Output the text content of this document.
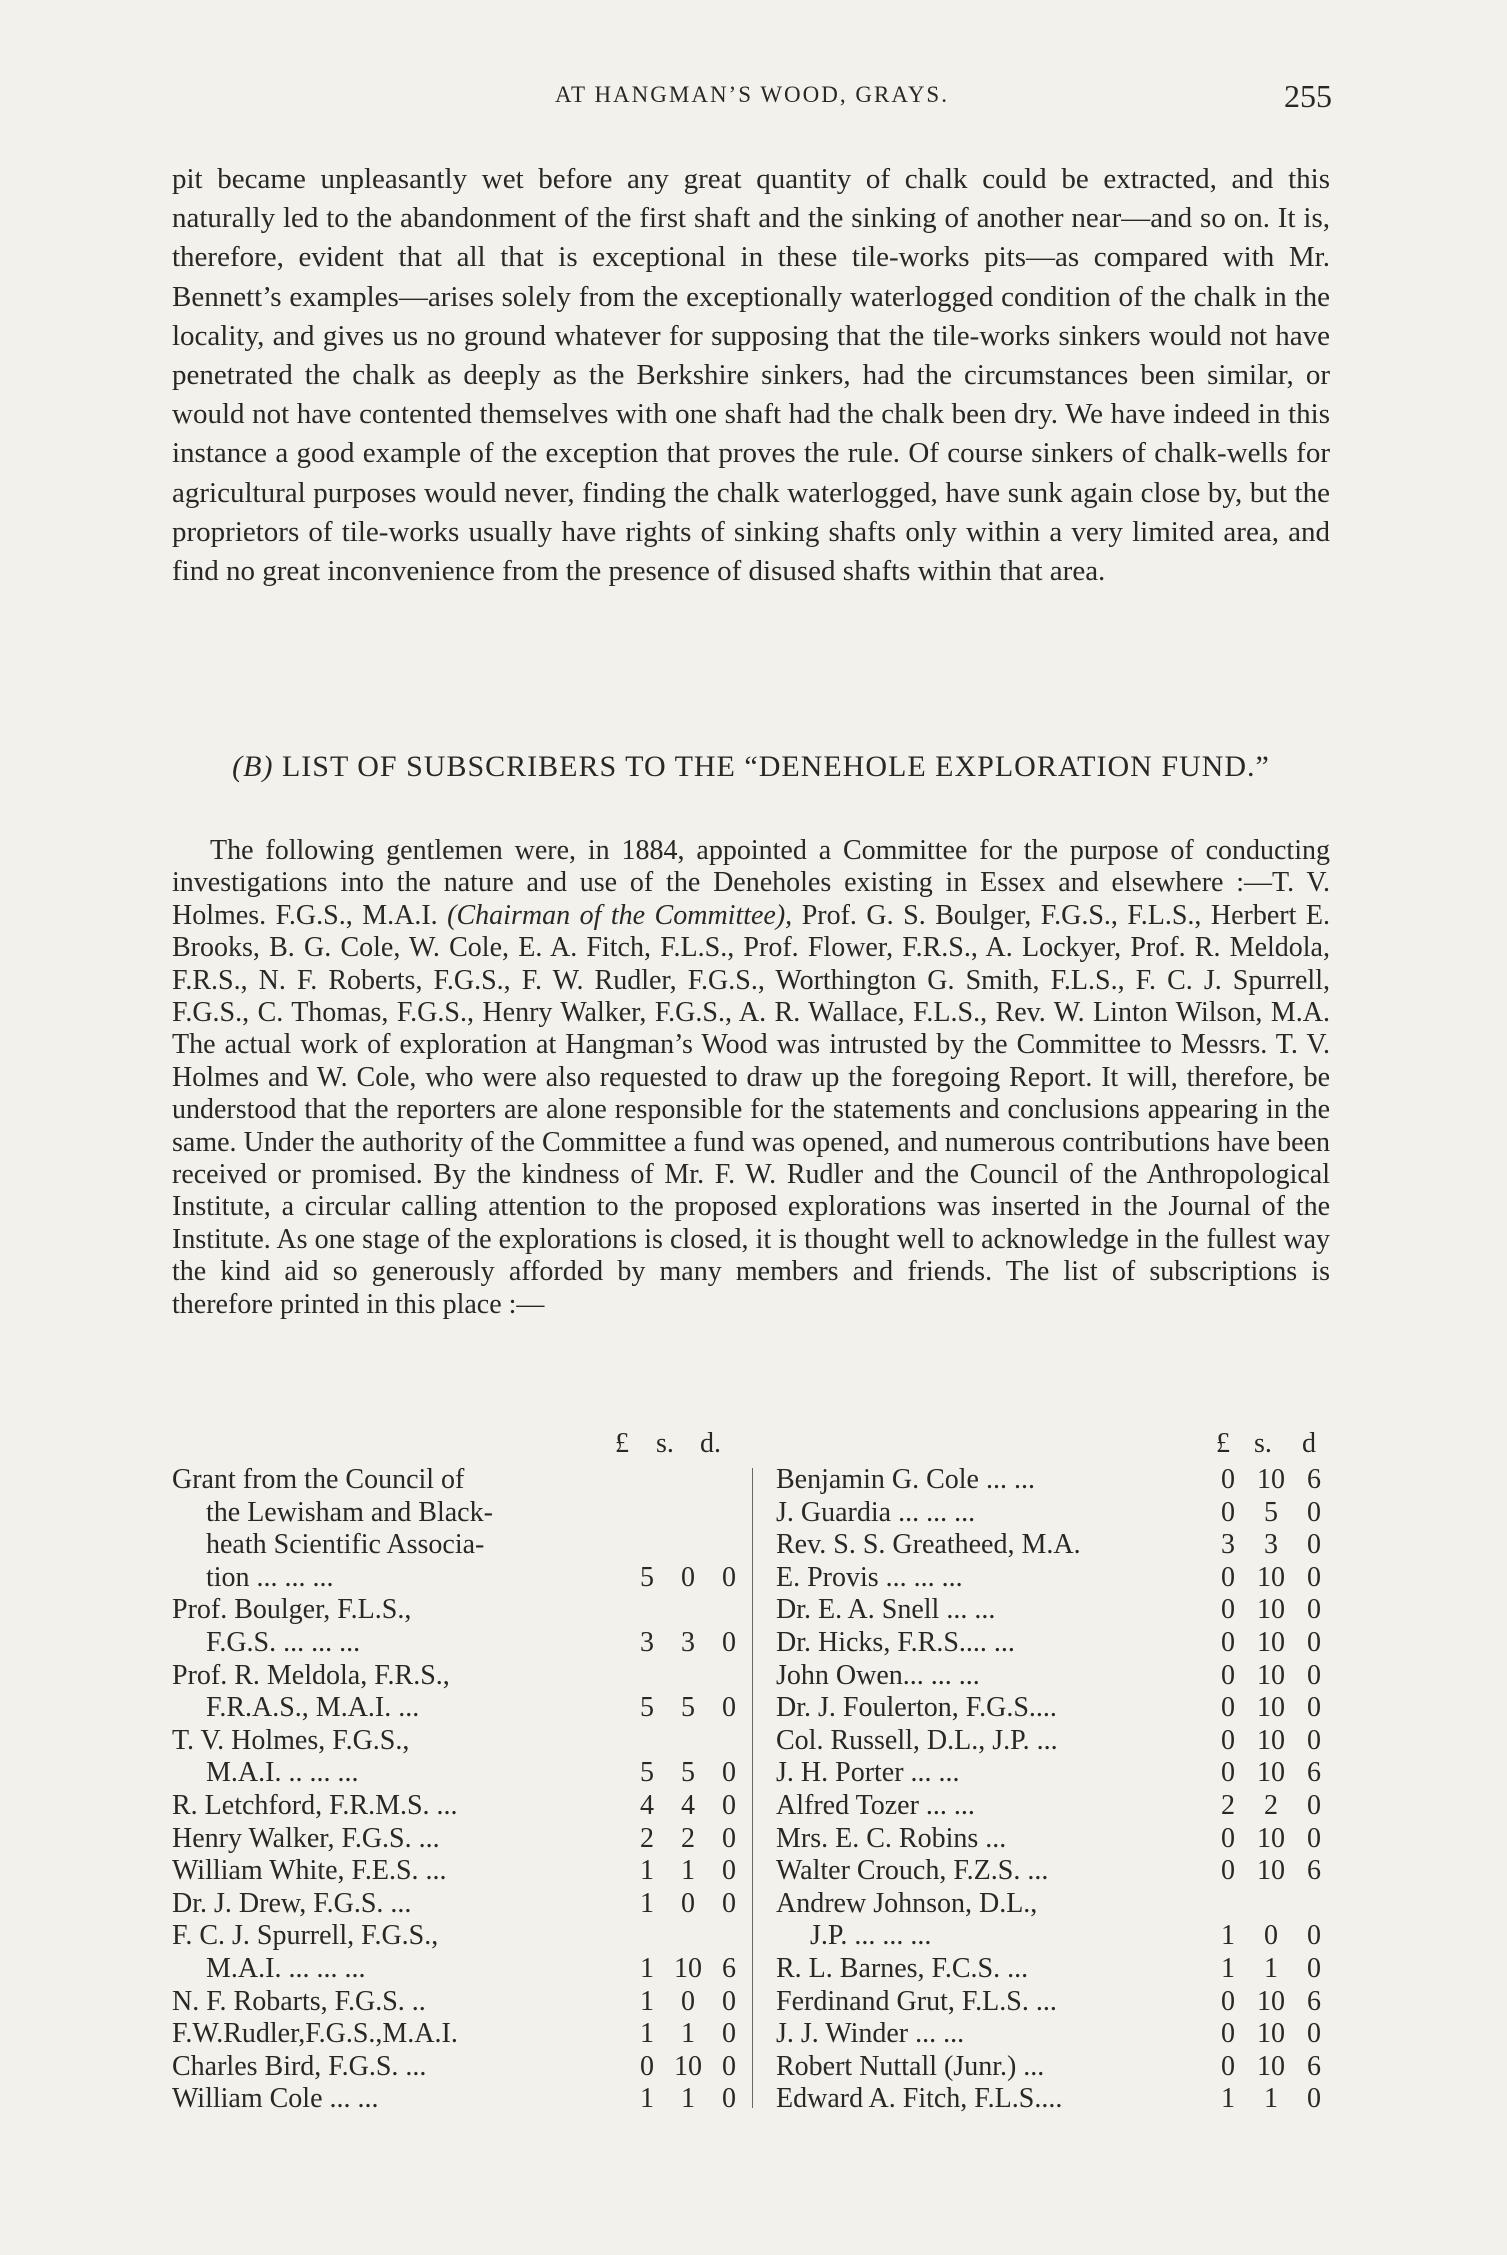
AT HANGMAN’S WOOD, GRAYS.	255

pit became unpleasantly wet before any great quantity of chalk could be extracted, and this naturally led to the abandonment of the first shaft and the sinking of another near—and so on. It is, therefore, evident that all that is exceptional in these tile-works pits—as compared with Mr. Bennett’s examples—arises solely from the exceptionally waterlogged condition of the chalk in the locality, and gives us no ground whatever for supposing that the tile-works sinkers would not have penetrated the chalk as deeply as the Berkshire sinkers, had the circumstances been similar, or would not have contented themselves with one shaft had the chalk been dry. We have indeed in this instance a good example of the exception that proves the rule. Of course sinkers of chalk-wells for agricultural purposes would never, finding the chalk waterlogged, have sunk again close by, but the proprietors of tile-works usually have rights of sinking shafts only within a very limited area, and find no great inconvenience from the presence of disused shafts within that area.

(B) LIST OF SUBSCRIBERS TO THE “DENEHOLE EXPLORATION FUND.”

The following gentlemen were, in 1884, appointed a Committee for the purpose of conducting investigations into the nature and use of the Deneholes existing in Essex and elsewhere :—T. V. Holmes. F.G.S., M.A.I. (Chairman of the Committee), Prof. G. S. Boulger, F.G.S., F.L.S., Herbert E. Brooks, B. G. Cole, W. Cole, E. A. Fitch, F.L.S., Prof. Flower, F.R.S., A. Lockyer, Prof. R. Meldola, F.R.S., N. F. Roberts, F.G.S., F. W. Rudler, F.G.S., Worthington G. Smith, F.L.S., F. C. J. Spurrell, F.G.S., C. Thomas, F.G.S., Henry Walker, F.G.S., A. R. Wallace, F.L.S., Rev. W. Linton Wilson, M.A. The actual work of exploration at Hangman’s Wood was intrusted by the Committee to Messrs. T. V. Holmes and W. Cole, who were also requested to draw up the foregoing Report. It will, therefore, be understood that the reporters are alone responsible for the statements and conclusions appearing in the same. Under the authority of the Committee a fund was opened, and numerous contributions have been received or promised. By the kindness of Mr. F. W. Rudler and the Council of the Anthropological Institute, a circular calling attention to the proposed explorations was inserted in the Journal of the Institute. As one stage of the explorations is closed, it is thought well to acknowledge in the fullest way the kind aid so generously afforded by many members and friends. The list of subscriptions is therefore printed in this place :—

£ s. d.
Grant from the Council of
the Lewisham and Black-
heath Scientific Associa-
tion ... ... ...	5 0 0
Prof. Boulger, F.L.S.,
F.G.S. ... ... ...	3 3 0
Prof. R. Meldola, F.R.S.,
F.R.A.S., M.A.I. ...	5 5 0
T. V. Holmes, F.G.S.,
M.A.I. .. ... ...	5 5 0
R. Letchford, F.R.M.S. ...	4 4 0
Henry Walker, F.G.S. ...	2 2 0
William White, F.E.S. ...	1 1 0
Dr. J. Drew, F.G.S. ...	1 0 0
F. C. J. Spurrell, F.G.S.,
M.A.I. ... ... ...	1 10 6
N. F. Robarts, F.G.S. ..	1 0 0
F.W.Rudler,F.G.S.,M.A.I.	1 1 0
Charles Bird, F.G.S. ...	0 10 0
William Cole ... ...	1 1 0
£ s. d
Benjamin G. Cole ... ...	0 10 6
J. Guardia ... ... ...	0	5	0
Rev. S. S. Greatheed, M.A.	3	3	0
E. Provis ... ... ...	0 10 0
Dr. E. A. Snell ... ...	0 10 0
Dr. Hicks, F.R.S.... ...	0 10 0
John Owen... ... ...	0 10 0
Dr. J. Foulerton, F.G.S....	0 10 0
Col. Russell, D.L., J.P. ...	0 10 0
J. H. Porter ... ...	0 10 6
Alfred Tozer ... ...	2	2	0
Mrs. E. C. Robins ...	0 10 0
Walter Crouch, F.Z.S. ...	0 10 6
Andrew Johnson, D.L.,
J.P. ... ... ...	1	0	0
R. L. Barnes, F.C.S. ...	1	1	0
Ferdinand Grut, F.L.S. ...	0 10 6
J. J. Winder ... ...	0 10 0
Robert Nuttall (Junr.) ...	0 10 6
Edward A. Fitch, F.L.S....	1	1	0
